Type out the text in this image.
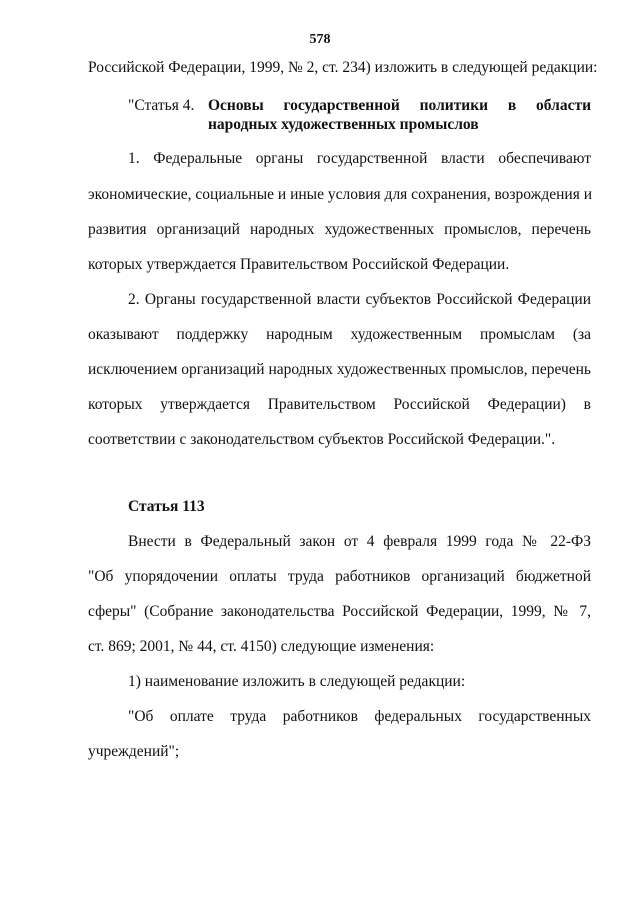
578
Российской Федерации, 1999, № 2, ст. 234) изложить в следующей редакции:
"Статья 4. Основы государственной политики в области
народных художественных промыслов
1. Федеральные органы государственной власти обеспечивают
экономические, социальные и иные условия для сохранения, возрождения и
развития организаций народных художественных промыслов, перечень
которых утверждается Правительством Российской Федерации.
2. Органы государственной власти субъектов Российской Федерации
оказывают поддержку народным художественным промыслам (за
исключением организаций народных художественных промыслов, перечень
которых утверждается Правительством Российской Федерации) в
соответствии с законодательством субъектов Российской Федерации.".
Статья 113
Внести в Федеральный закон от 4 февраля 1999 года № 22-ФЗ
"Об упорядочении оплаты труда работников организаций бюджетной
сферы" (Собрание законодательства Российской Федерации, 1999, № 7,
ст. 869; 2001, № 44, ст. 4150) следующие изменения:
1) наименование изложить в следующей редакции:
"Об оплате труда работников федеральных государственных
учреждений";
